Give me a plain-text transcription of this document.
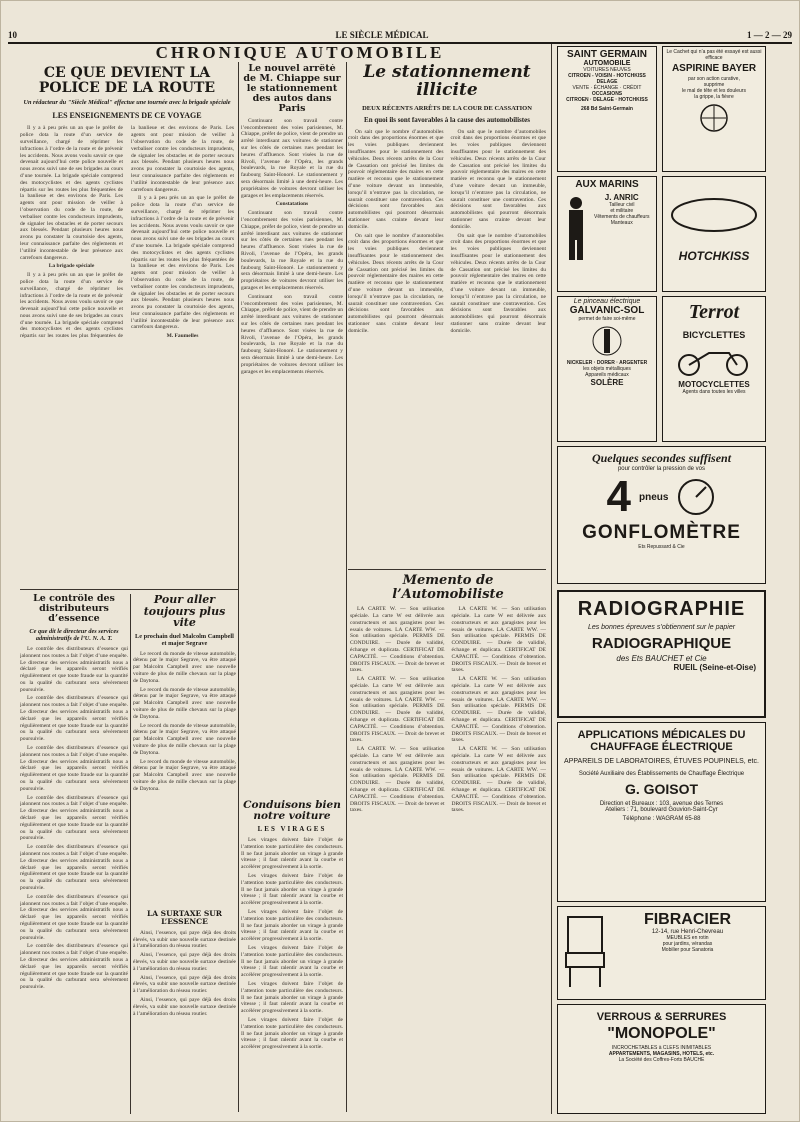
10	LE SIÈCLE MÉDICAL	1 — 2 — 29
CHRONIQUE AUTOMOBILE
CE QUE DEVIENT LA POLICE DE LA ROUTE
Un rédacteur du "Siècle Médical" effectue une tournée avec la brigade spéciale
LES ENSEIGNEMENTS DE CE VOYAGE

Il y a à peu près un an que le préfet de police dota la route d’un service de surveillance, chargé de réprimer les infractions à l’ordre de la route et de prévenir les accidents. Nous avons voulu savoir ce que devenait aujourd’hui cette police nouvelle et nous avons suivi une de ses brigades au cours d’une tournée. La brigade spéciale comprend des motocyclistes et des agents cyclistes répartis sur les routes les plus fréquentées de la banlieue et des environs de Paris. Les agents ont pour mission de veiller à l’observation du code de la route, de verbaliser contre les conducteurs imprudents, de signaler les obstacles et de porter secours aux blessés. Pendant plusieurs heures nous avons pu constater la courtoisie des agents, leur connaissance parfaite des règlements et l’utilité incontestable de leur présence aux carrefours dangereux.

La brigade spéciale

Il y a à peu près un an que le préfet de police dota la route d’un service de surveillance, chargé de réprimer les infractions à l’ordre de la route et de prévenir les accidents. Nous avons voulu savoir ce que devenait aujourd’hui cette police nouvelle et nous avons suivi une de ses brigades au cours d’une tournée. La brigade spéciale comprend des motocyclistes et des agents cyclistes répartis sur les routes les plus fréquentées de la banlieue et des environs de Paris. Les agents ont pour mission de veiller à l’observation du code de la route, de verbaliser contre les conducteurs imprudents, de signaler les obstacles et de porter secours aux blessés. Pendant plusieurs heures nous avons pu constater la courtoisie des agents, leur connaissance parfaite des règlements et l’utilité incontestable de leur présence aux carrefours dangereux.

Il y a à peu près un an que le préfet de police dota la route d’un service de surveillance, chargé de réprimer les infractions à l’ordre de la route et de prévenir les accidents. Nous avons voulu savoir ce que devenait aujourd’hui cette police nouvelle et nous avons suivi une de ses brigades au cours d’une tournée. La brigade spéciale comprend des motocyclistes et des agents cyclistes répartis sur les routes les plus fréquentées de la banlieue et des environs de Paris. Les agents ont pour mission de veiller à l’observation du code de la route, de verbaliser contre les conducteurs imprudents, de signaler les obstacles et de porter secours aux blessés. Pendant plusieurs heures nous avons pu constater la courtoisie des agents, leur connaissance parfaite des règlements et l’utilité incontestable de leur présence aux carrefours dangereux.

M. Faumelles

Le nouvel arrêté de M. Chiappe sur le stationnement des autos dans Paris

Continuant son travail contre l’encombrement des voies parisiennes, M. Chiappe, préfet de police, vient de prendre un arrêté interdisant aux voitures de stationner sur les côtés de certaines rues pendant les heures d’affluence. Sont visées la rue de Rivoli, l’avenue de l’Opéra, les grands boulevards, la rue Royale et la rue du faubourg Saint-Honoré. Le stationnement y sera désormais limité à une demi-heure. Les propriétaires de voitures devront utiliser les garages et les emplacements réservés.

Constatations

Continuant son travail contre l’encombrement des voies parisiennes, M. Chiappe, préfet de police, vient de prendre un arrêté interdisant aux voitures de stationner sur les côtés de certaines rues pendant les heures d’affluence. Sont visées la rue de Rivoli, l’avenue de l’Opéra, les grands boulevards, la rue Royale et la rue du faubourg Saint-Honoré. Le stationnement y sera désormais limité à une demi-heure. Les propriétaires de voitures devront utiliser les garages et les emplacements réservés.

Continuant son travail contre l’encombrement des voies parisiennes, M. Chiappe, préfet de police, vient de prendre un arrêté interdisant aux voitures de stationner sur les côtés de certaines rues pendant les heures d’affluence. Sont visées la rue de Rivoli, l’avenue de l’Opéra, les grands boulevards, la rue Royale et la rue du faubourg Saint-Honoré. Le stationnement y sera désormais limité à une demi-heure. Les propriétaires de voitures devront utiliser les garages et les emplacements réservés.

Le stationnement illicite
DEUX RÉCENTS ARRÊTS DE LA COUR DE CASSATION
En quoi ils sont favorables à la cause des automobilistes

On sait que le nombre d’automobiles croit dans des proportions énormes et que les voies publiques deviennent insuffisantes pour le stationnement des véhicules. Deux récents arrêts de la Cour de Cassation ont précisé les limites du pouvoir réglementaire des maires en cette matière et reconnu que le stationnement d’une voiture devant un immeuble, lorsqu’il n’entrave pas la circulation, ne saurait constituer une contravention. Ces décisions sont favorables aux automobilistes qui pourront désormais stationner sans crainte devant leur domicile.

On sait que le nombre d’automobiles croit dans des proportions énormes et que les voies publiques deviennent insuffisantes pour le stationnement des véhicules. Deux récents arrêts de la Cour de Cassation ont précisé les limites du pouvoir réglementaire des maires en cette matière et reconnu que le stationnement d’une voiture devant un immeuble, lorsqu’il n’entrave pas la circulation, ne saurait constituer une contravention. Ces décisions sont favorables aux automobilistes qui pourront désormais stationner sans crainte devant leur domicile.

On sait que le nombre d’automobiles croit dans des proportions énormes et que les voies publiques deviennent insuffisantes pour le stationnement des véhicules. Deux récents arrêts de la Cour de Cassation ont précisé les limites du pouvoir réglementaire des maires en cette matière et reconnu que le stationnement d’une voiture devant un immeuble, lorsqu’il n’entrave pas la circulation, ne saurait constituer une contravention. Ces décisions sont favorables aux automobilistes qui pourront désormais stationner sans crainte devant leur domicile.

On sait que le nombre d’automobiles croit dans des proportions énormes et que les voies publiques deviennent insuffisantes pour le stationnement des véhicules. Deux récents arrêts de la Cour de Cassation ont précisé les limites du pouvoir réglementaire des maires en cette matière et reconnu que le stationnement d’une voiture devant un immeuble, lorsqu’il n’entrave pas la circulation, ne saurait constituer une contravention. Ces décisions sont favorables aux automobilistes qui pourront désormais stationner sans crainte devant leur domicile.

Le contrôle des distributeurs d’essence
Ce que dit le directeur des services administratifs de l’U. N. A. T.

Le contrôle des distributeurs d’essence qui jalonnent nos routes a fait l’objet d’une enquête. Le directeur des services administratifs nous a déclaré que les appareils seront vérifiés régulièrement et que toute fraude sur la quantité ou la qualité du carburant sera sévèrement poursuivie.

Le contrôle des distributeurs d’essence qui jalonnent nos routes a fait l’objet d’une enquête. Le directeur des services administratifs nous a déclaré que les appareils seront vérifiés régulièrement et que toute fraude sur la quantité ou la qualité du carburant sera sévèrement poursuivie.

Le contrôle des distributeurs d’essence qui jalonnent nos routes a fait l’objet d’une enquête. Le directeur des services administratifs nous a déclaré que les appareils seront vérifiés régulièrement et que toute fraude sur la quantité ou la qualité du carburant sera sévèrement poursuivie.

Le contrôle des distributeurs d’essence qui jalonnent nos routes a fait l’objet d’une enquête. Le directeur des services administratifs nous a déclaré que les appareils seront vérifiés régulièrement et que toute fraude sur la quantité ou la qualité du carburant sera sévèrement poursuivie.

Le contrôle des distributeurs d’essence qui jalonnent nos routes a fait l’objet d’une enquête. Le directeur des services administratifs nous a déclaré que les appareils seront vérifiés régulièrement et que toute fraude sur la quantité ou la qualité du carburant sera sévèrement poursuivie.

Le contrôle des distributeurs d’essence qui jalonnent nos routes a fait l’objet d’une enquête. Le directeur des services administratifs nous a déclaré que les appareils seront vérifiés régulièrement et que toute fraude sur la quantité ou la qualité du carburant sera sévèrement poursuivie.

Le contrôle des distributeurs d’essence qui jalonnent nos routes a fait l’objet d’une enquête. Le directeur des services administratifs nous a déclaré que les appareils seront vérifiés régulièrement et que toute fraude sur la quantité ou la qualité du carburant sera sévèrement poursuivie.

Pour aller toujours plus vite
Le prochain duel Malcolm Campbell et major Segrave

Le record du monde de vitesse automobile, détenu par le major Segrave, va être attaqué par Malcolm Campbell avec une nouvelle voiture de plus de mille chevaux sur la plage de Daytona.

Le record du monde de vitesse automobile, détenu par le major Segrave, va être attaqué par Malcolm Campbell avec une nouvelle voiture de plus de mille chevaux sur la plage de Daytona.

Le record du monde de vitesse automobile, détenu par le major Segrave, va être attaqué par Malcolm Campbell avec une nouvelle voiture de plus de mille chevaux sur la plage de Daytona.

Le record du monde de vitesse automobile, détenu par le major Segrave, va être attaqué par Malcolm Campbell avec une nouvelle voiture de plus de mille chevaux sur la plage de Daytona.

Conduisons bien notre voiture
LES VIRAGES

Les virages doivent faire l’objet de l’attention toute particulière des conducteurs. Il ne faut jamais aborder un virage à grande vitesse ; il faut ralentir avant la courbe et accélérer progressivement à la sortie.

Les virages doivent faire l’objet de l’attention toute particulière des conducteurs. Il ne faut jamais aborder un virage à grande vitesse ; il faut ralentir avant la courbe et accélérer progressivement à la sortie.

Les virages doivent faire l’objet de l’attention toute particulière des conducteurs. Il ne faut jamais aborder un virage à grande vitesse ; il faut ralentir avant la courbe et accélérer progressivement à la sortie.

Les virages doivent faire l’objet de l’attention toute particulière des conducteurs. Il ne faut jamais aborder un virage à grande vitesse ; il faut ralentir avant la courbe et accélérer progressivement à la sortie.

Les virages doivent faire l’objet de l’attention toute particulière des conducteurs. Il ne faut jamais aborder un virage à grande vitesse ; il faut ralentir avant la courbe et accélérer progressivement à la sortie.

Les virages doivent faire l’objet de l’attention toute particulière des conducteurs. Il ne faut jamais aborder un virage à grande vitesse ; il faut ralentir avant la courbe et accélérer progressivement à la sortie.

LA SURTAXE SUR L’ESSENCE

Ainsi, l’essence, qui paye déjà des droits élevés, va subir une nouvelle surtaxe destinée à l’amélioration du réseau routier.

Ainsi, l’essence, qui paye déjà des droits élevés, va subir une nouvelle surtaxe destinée à l’amélioration du réseau routier.

Ainsi, l’essence, qui paye déjà des droits élevés, va subir une nouvelle surtaxe destinée à l’amélioration du réseau routier.

Ainsi, l’essence, qui paye déjà des droits élevés, va subir une nouvelle surtaxe destinée à l’amélioration du réseau routier.

Memento de l’Automobiliste

LA CARTE W. — Son utilisation spéciale. La carte W est délivrée aux constructeurs et aux garagistes pour les essais de voitures. LA CARTE WW. — Son utilisation spéciale. PERMIS DE CONDUIRE. — Durée de validité, échange et duplicata. CERTIFICAT DE CAPACITÉ. — Conditions d’obtention. DROITS FISCAUX. — Droit de brevet et taxes.

LA CARTE W. — Son utilisation spéciale. La carte W est délivrée aux constructeurs et aux garagistes pour les essais de voitures. LA CARTE WW. — Son utilisation spéciale. PERMIS DE CONDUIRE. — Durée de validité, échange et duplicata. CERTIFICAT DE CAPACITÉ. — Conditions d’obtention. DROITS FISCAUX. — Droit de brevet et taxes.

LA CARTE W. — Son utilisation spéciale. La carte W est délivrée aux constructeurs et aux garagistes pour les essais de voitures. LA CARTE WW. — Son utilisation spéciale. PERMIS DE CONDUIRE. — Durée de validité, échange et duplicata. CERTIFICAT DE CAPACITÉ. — Conditions d’obtention. DROITS FISCAUX. — Droit de brevet et taxes.

LA CARTE W. — Son utilisation spéciale. La carte W est délivrée aux constructeurs et aux garagistes pour les essais de voitures. LA CARTE WW. — Son utilisation spéciale. PERMIS DE CONDUIRE. — Durée de validité, échange et duplicata. CERTIFICAT DE CAPACITÉ. — Conditions d’obtention. DROITS FISCAUX. — Droit de brevet et taxes.

LA CARTE W. — Son utilisation spéciale. La carte W est délivrée aux constructeurs et aux garagistes pour les essais de voitures. LA CARTE WW. — Son utilisation spéciale. PERMIS DE CONDUIRE. — Durée de validité, échange et duplicata. CERTIFICAT DE CAPACITÉ. — Conditions d’obtention. DROITS FISCAUX. — Droit de brevet et taxes.

LA CARTE W. — Son utilisation spéciale. La carte W est délivrée aux constructeurs et aux garagistes pour les essais de voitures. LA CARTE WW. — Son utilisation spéciale. PERMIS DE CONDUIRE. — Durée de validité, échange et duplicata. CERTIFICAT DE CAPACITÉ. — Conditions d’obtention. DROITS FISCAUX. — Droit de brevet et taxes.

SAINT GERMAIN
AUTOMOBILE
VOITURES NEUVES
CITROEN - VOISIN - HOTCHKISS
DELAGE
VENTE · ÉCHANGE · CRÉDIT
OCCASIONS
CITROEN · DELAGE · HOTCHKISS
268 Bd Saint-Germain
Le Cachet qui n’a pas été essayé est aussi efficace
ASPIRINE BAYER
par son action curative,
supprime
le mal de tête et les douleurs
la grippe, la fièvre
AUX MARINS
J. ANRIC
Tailleur civil
et militaire
Vêtements de chauffeurs
Manteaux
HOTCHKISS
Le pinceau électrique
GALVANIC-SOL
permet de faire soi-même
NICKELER · DORER · ARGENTER
les objets métalliques
Appareils médicaux
SOLÈRE
Terrot
BICYCLETTES
MOTOCYCLETTES
Agents dans toutes les villes
Quelques secondes suffisent
pour contrôler la pression de vos
4 pneus
GONFLOMÈTRE
Ets Repussard & Cie
RADIOGRAPHIE
Les bonnes épreuves s’obtiennent sur le papier
RADIOGRAPHIQUE
des Ets BAUCHET et Cie
RUEIL (Seine-et-Oise)
APPLICATIONS MÉDICALES DU
CHAUFFAGE ÉLECTRIQUE
APPAREILS DE LABORATOIRES, ÉTUVES POUPINELS, etc.
Société Auxiliaire des Établissements de Chauffage Électrique
G. GOISOT
Direction et Bureaux : 103, avenue des Ternes
Ateliers : 71, boulevard Gouvion-Saint-Cyr
Téléphone : WAGRAM 65-88
FIBRACIER
12-14, rue Henri-Chevreau
MEUBLES en rotin
pour jardins, vérandas
Mobilier pour Sanatoria
VERROUS & SERRURES
"MONOPOLE"
INCROCHETABLES à CLEFS INIMITABLES
APPARTEMENTS, MAGASINS, HOTELS, etc.
La Société des Coffres-Forts BAUCHE
